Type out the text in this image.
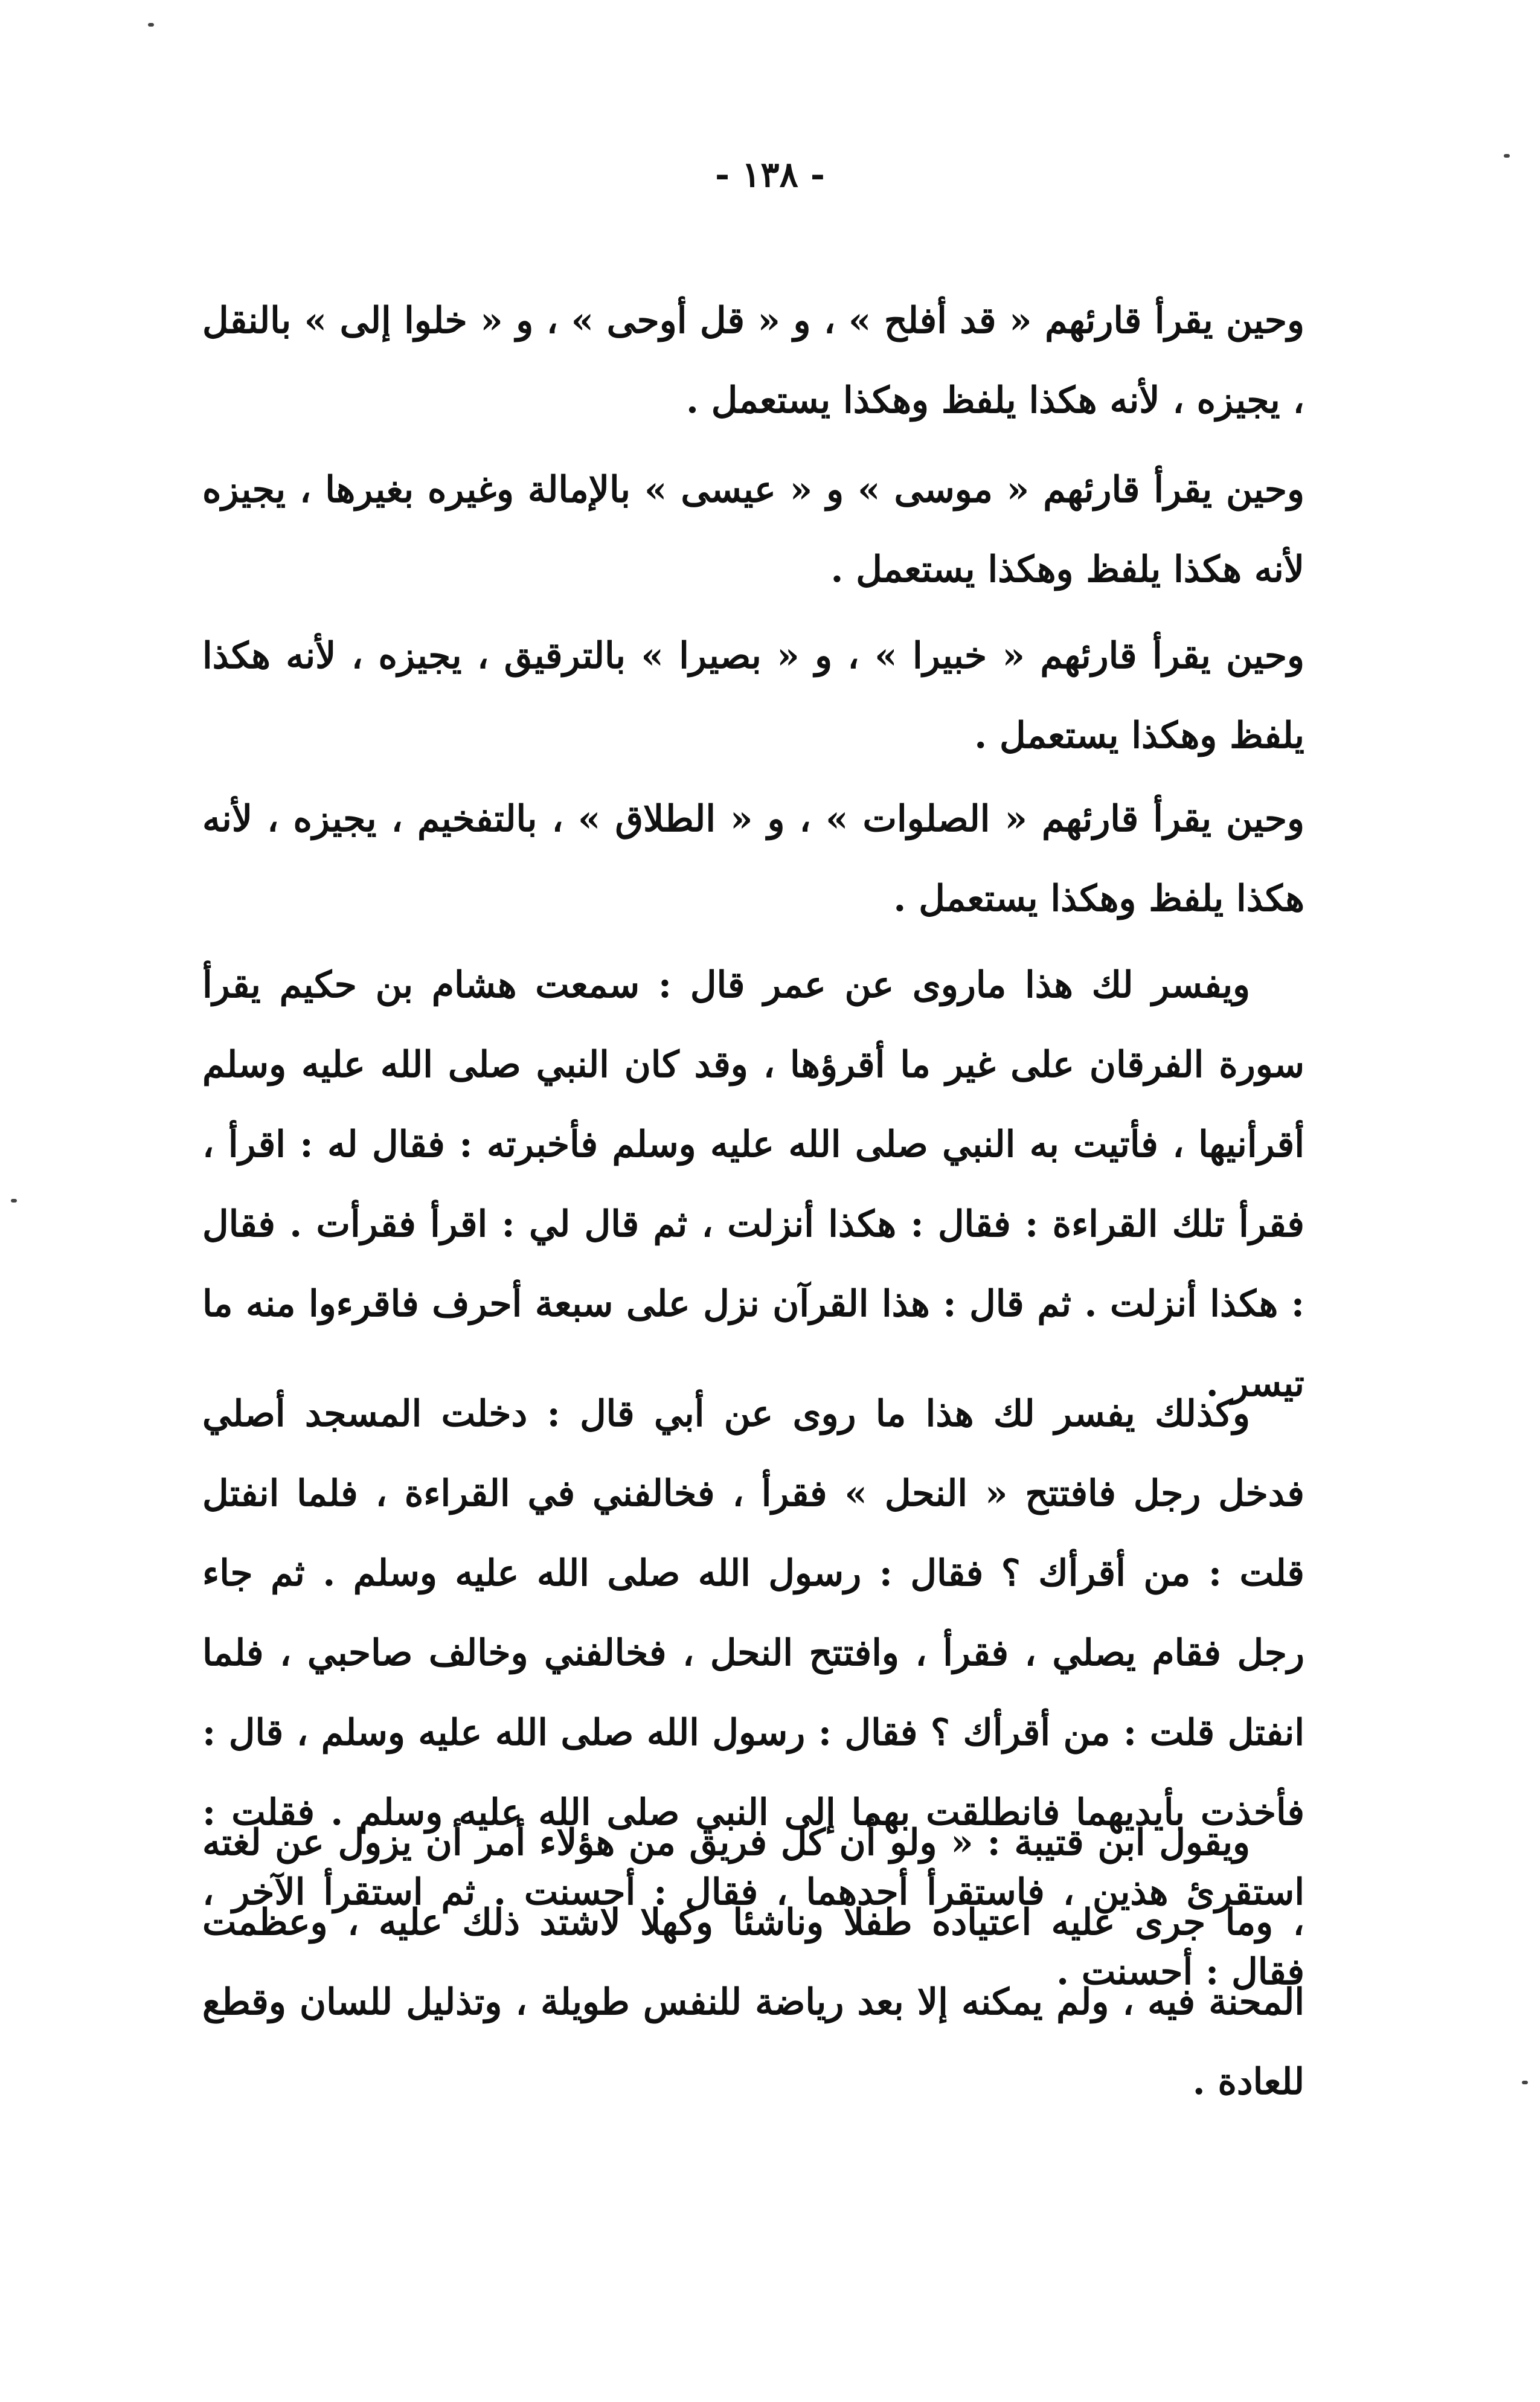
- ١٣٨ -

وحين يقرأ قارئهم « قد أفلح » ، و « قل أوحى » ، و « خلوا إلى » بالنقل ، يجيزه ، لأنه هكذا يلفظ وهكذا يستعمل .

وحين يقرأ قارئهم « موسى » و « عيسى » بالإمالة وغيره بغيرها ، يجيزه لأنه هكذا يلفظ وهكذا يستعمل .

وحين يقرأ قارئهم « خبيرا » ، و « بصيرا » بالترقيق ، يجيزه ، لأنه هكذا يلفظ وهكذا يستعمل .

وحين يقرأ قارئهم « الصلوات » ، و « الطلاق » ، بالتفخيم ، يجيزه ، لأنه هكذا يلفظ وهكذا يستعمل .

ويفسر لك هذا ماروى عن عمر قال : سمعت هشام بن حكيم يقرأ سورة الفرقان على غير ما أقرؤها ، وقد كان النبي صلى الله عليه وسلم أقرأنيها ، فأتيت به النبي صلى الله عليه وسلم فأخبرته : فقال له : اقرأ ، فقرأ تلك القراءة : فقال : هكذا أنزلت ، ثم قال لي : اقرأ فقرأت . فقال : هكذا أنزلت . ثم قال : هذا القرآن نزل على سبعة أحرف فاقرءوا منه ما تيسر .

وكذلك يفسر لك هذا ما روى عن أبي قال : دخلت المسجد أصلي فدخل رجل فافتتح « النحل » فقرأ ، فخالفني في القراءة ، فلما انفتل قلت : من أقرأك ؟ فقال : رسول الله صلى الله عليه وسلم . ثم جاء رجل فقام يصلي ، فقرأ ، وافتتح النحل ، فخالفني وخالف صاحبي ، فلما انفتل قلت : من أقرأك ؟ فقال : رسول الله صلى الله عليه وسلم ، قال : فأخذت بأيديهما فانطلقت بهما إلى النبي صلى الله عليه وسلم . فقلت : استقرئ هذين ، فاستقرأ أحدهما ، فقال : أحسنت . ثم استقرأ الآخر ، فقال : أحسنت .

ويقول ابن قتيبة : « ولو أن كل فريق من هؤلاء أمر أن يزول عن لغته ، وما جرى عليه اعتياده طفلا وناشئا وكهلا لاشتد ذلك عليه ، وعظمت المحنة فيه ، ولم يمكنه إلا بعد رياضة للنفس طويلة ، وتذليل للسان وقطع للعادة .
